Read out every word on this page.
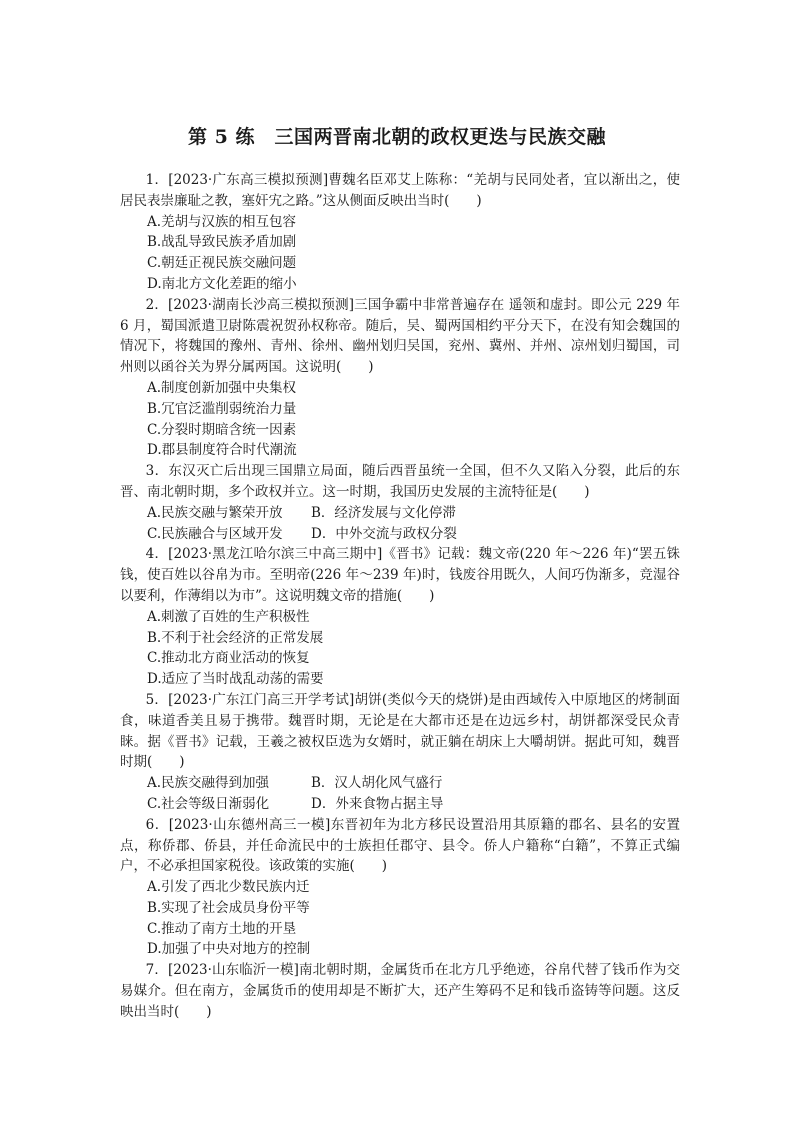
第 5 练　三国两晋南北朝的政权更迭与民族交融

1．[2023·广东高三模拟预测]曹魏名臣邓艾上陈称：“羌胡与民同处者，宜以渐出之，使居民表崇廉耻之教，塞奸宄之路。”这从侧面反映出当时(　　)

A.羌胡与汉族的相互包容

B.战乱导致民族矛盾加剧

C.朝廷正视民族交融问题

D.南北方文化差距的缩小

2．[2023·湖南长沙高三模拟预测]三国争霸中非常普遍存在 遥领和虚封。即公元 229 年 6 月，蜀国派遣卫尉陈震祝贺孙权称帝。随后，吴、蜀两国相约平分天下，在没有知会魏国的情况下，将魏国的豫州、青州、徐州、幽州划归吴国，兖州、冀州、并州、凉州划归蜀国，司州则以函谷关为界分属两国。这说明(　　)

A.制度创新加强中央集权

B.冗官泛滥削弱统治力量

C.分裂时期暗含统一因素

D.郡县制度符合时代潮流

3．东汉灭亡后出现三国鼎立局面，随后西晋虽统一全国，但不久又陷入分裂，此后的东晋、南北朝时期，多个政权并立。这一时期，我国历史发展的主流特征是(　　)

A.民族交融与繁荣开放 B．经济发展与文化停滞

C.民族融合与区域开发 D．中外交流与政权分裂

4．[2023·黑龙江哈尔滨三中高三期中]《晋书》记载：魏文帝(220 年～226 年)“罢五铢钱，使百姓以谷帛为市。至明帝(226 年～239 年)时，钱废谷用既久，人间巧伪渐多，竞湿谷以要利，作薄绢以为市”。这说明魏文帝的措施(　　)

A.刺激了百姓的生产积极性

B.不利于社会经济的正常发展

C.推动北方商业活动的恢复

D.适应了当时战乱动荡的需要

5．[2023·广东江门高三开学考试]胡饼(类似今天的烧饼)是由西域传入中原地区的烤制面食，味道香美且易于携带。魏晋时期，无论是在大都市还是在边远乡村，胡饼都深受民众青睐。据《晋书》记载，王羲之被权臣选为女婿时，就正躺在胡床上大嚼胡饼。据此可知，魏晋时期(　　)

A.民族交融得到加强	B．汉人胡化风气盛行

C.社会等级日渐弱化	D．外来食物占据主导

6．[2023·山东德州高三一模]东晋初年为北方移民设置沿用其原籍的郡名、县名的安置点，称侨郡、侨县，并任命流民中的士族担任郡守、县令。侨人户籍称“白籍”，不算正式编户，不必承担国家税役。该政策的实施(　　)

A.引发了西北少数民族内迁

B.实现了社会成员身份平等

C.推动了南方土地的开垦

D.加强了中央对地方的控制

7．[2023·山东临沂一模]南北朝时期，金属货币在北方几乎绝迹，谷帛代替了钱币作为交易媒介。但在南方，金属货币的使用却是不断扩大，还产生筹码不足和钱币盗铸等问题。这反映出当时(　　)
